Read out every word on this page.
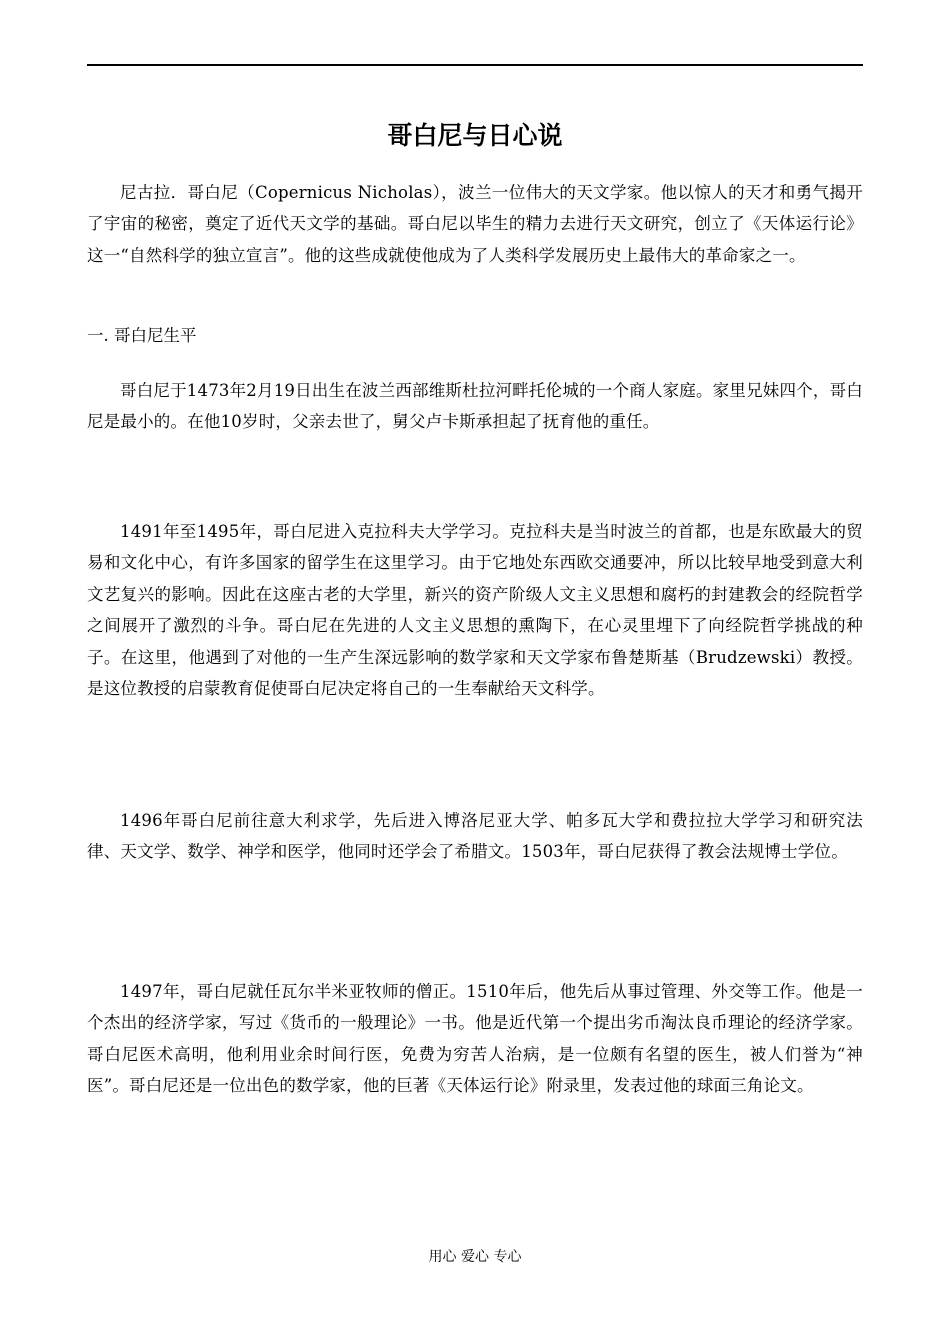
哥白尼与日心说

尼古拉．哥白尼（Copernicus Nicholas），波兰一位伟大的天文学家。他以惊人的天才和勇气揭开了宇宙的秘密，奠定了近代天文学的基础。哥白尼以毕生的精力去进行天文研究，创立了《天体运行论》这一“自然科学的独立宣言”。他的这些成就使他成为了人类科学发展历史上最伟大的革命家之一。

一. 哥白尼生平

哥白尼于1473年2月19日出生在波兰西部维斯杜拉河畔托伦城的一个商人家庭。家里兄妹四个，哥白尼是最小的。在他10岁时，父亲去世了，舅父卢卡斯承担起了抚育他的重任。

1491年至1495年，哥白尼进入克拉科夫大学学习。克拉科夫是当时波兰的首都，也是东欧最大的贸易和文化中心，有许多国家的留学生在这里学习。由于它地处东西欧交通要冲，所以比较早地受到意大利文艺复兴的影响。因此在这座古老的大学里，新兴的资产阶级人文主义思想和腐朽的封建教会的经院哲学之间展开了激烈的斗争。哥白尼在先进的人文主义思想的熏陶下，在心灵里埋下了向经院哲学挑战的种子。在这里，他遇到了对他的一生产生深远影响的数学家和天文学家布鲁楚斯基（Brudzewski）教授。是这位教授的启蒙教育促使哥白尼决定将自己的一生奉献给天文科学。

1496年哥白尼前往意大利求学，先后进入博洛尼亚大学、帕多瓦大学和费拉拉大学学习和研究法律、天文学、数学、神学和医学，他同时还学会了希腊文。1503年，哥白尼获得了教会法规博士学位。

1497年，哥白尼就任瓦尔半米亚牧师的僧正。1510年后，他先后从事过管理、外交等工作。他是一个杰出的经济学家，写过《货币的一般理论》一书。他是近代第一个提出劣币淘汰良币理论的经济学家。哥白尼医术高明，他利用业余时间行医，免费为穷苦人治病，是一位颇有名望的医生，被人们誉为“神医”。哥白尼还是一位出色的数学家，他的巨著《天体运行论》附录里，发表过他的球面三角论文。

用心 爱心 专心
